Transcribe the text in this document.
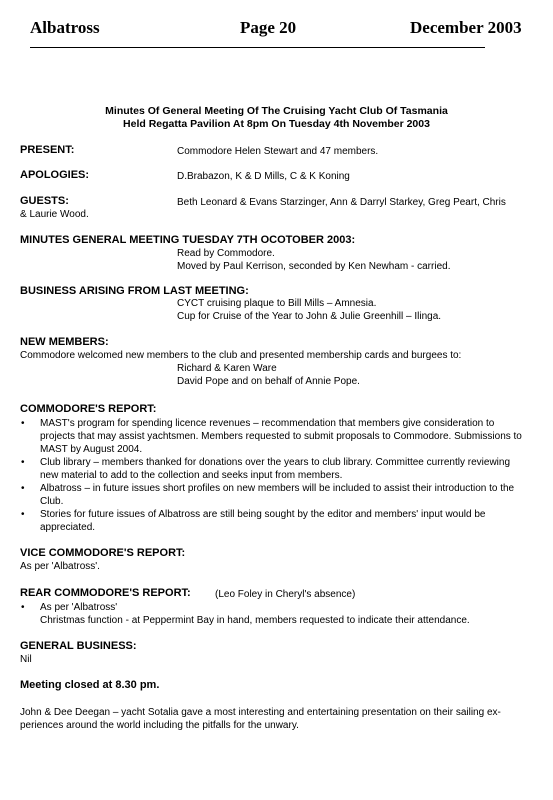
Albatross	Page 20	December 2003
Minutes Of General Meeting Of The Cruising Yacht Club Of Tasmania
Held Regatta Pavilion At 8pm On Tuesday 4th November 2003
PRESENT:	Commodore Helen Stewart and 47 members.
APOLOGIES:	D.Brabazon, K & D Mills, C & K Koning
GUESTS:	Beth Leonard & Evans Starzinger, Ann & Darryl Starkey, Greg Peart, Chris
& Laurie Wood.
MINUTES GENERAL MEETING TUESDAY 7TH OCOTOBER 2003:
Read by Commodore.
Moved by Paul Kerrison, seconded by Ken Newham - carried.
BUSINESS ARISING FROM LAST MEETING:
CYCT cruising plaque to Bill Mills – Amnesia.
Cup for Cruise of the Year to John & Julie Greenhill – Ilinga.
NEW MEMBERS:
Commodore welcomed new members to the club and presented membership cards and burgees to:
Richard & Karen Ware
David Pope and on behalf of Annie Pope.
COMMODORE'S REPORT:
• MAST's program for spending licence revenues – recommendation that members give consideration to projects that may assist yachtsmen. Members requested to submit proposals to Commodore. Submissions to MAST by August 2004.
• Club library – members thanked for donations over the years to club library. Committee currently reviewing new material to add to the collection and seeks input from members.
• Albatross – in future issues short profiles on new members will be included to assist their introduction to the Club.
• Stories for future issues of Albatross are still being sought by the editor and members' input would be appreciated.
VICE COMMODORE'S REPORT:
As per 'Albatross'.
REAR COMMODORE'S REPORT: (Leo Foley in Cheryl's absence)
• As per 'Albatross'
Christmas function - at Peppermint Bay in hand, members requested to indicate their attendance.
GENERAL BUSINESS:
Nil
Meeting closed at 8.30 pm.
John & Dee Deegan – yacht Sotalia gave a most interesting and entertaining presentation on their sailing ex-
periences around the world including the pitfalls for the unwary.
